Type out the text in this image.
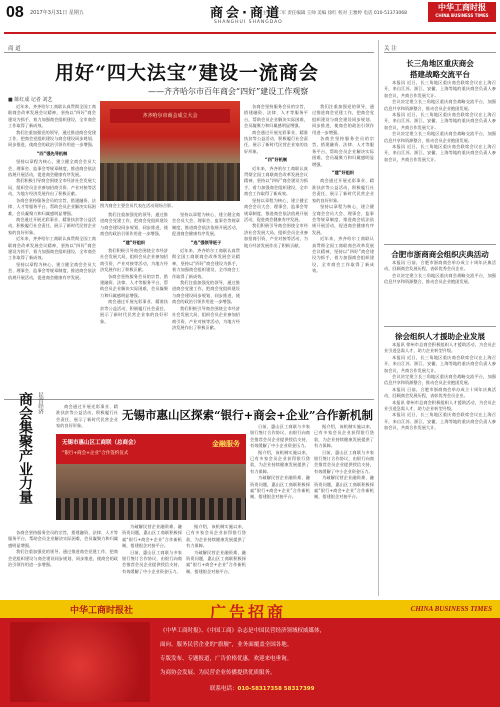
08 2017年3月31日 星期五	商会·商道
SHANGHUI SHANGDAO
主编 冯仁军 责任编辑 王帅 美编 徐红 校对 王雅婷 电话 010-51373068
中华工商时报
CHINA BUSINESS TIMES
商 道
用好“四大法宝”建设一流商会
——齐齐哈尔市百年商会“四好”建设工作观察
■ 陈红成 记者 刘艺

近年来，齐齐哈尔工商联认真贯彻全国工商联商会改革发展会议精神，坚持以“四好”商会建设为抓手，着力加强商会组织建设，全市商会工作取得了新成效。

我们注重加强党的领导，通过推进商会党建工作，把商会党组织建设与商会建设同步规划、同步推进，使商会的政治引领作用进一步增强。

“四”强先导机制

坚持以章程为核心，建立健全商会会员大会、理事会、监事会等规章制度，推进商会依法依规开展活动，促进商会健康有序发展。

我们积极引导商会围绕全市经济社会发展大局，组织会员企业参加招商引资、产业对接等活动，为地方经济发展作出了积极贡献。

各商会坚持服务会员的宗旨，搭建融资、法律、人才等服务平台，帮助会员企业解决实际困难，会员凝聚力和归属感明显增强。

商会通过开展光彩事业、精准扶贫等公益活动，积极履行社会责任，展示了新时代民营企业家的良好形象。

近年来，齐齐哈尔工商联认真贯彻全国工商联商会改革发展会议精神，坚持以“四好”商会建设为抓手，着力加强商会组织建设，全市商会工作取得了新成效。

坚持以章程为核心，建立健全商会会员大会、理事会、监事会等规章制度，推进商会依法依规开展活动，促进商会健康有序发展。

齐齐哈尔市商会成立大会
图为商会主要会员代表在活动现场合影。

我们注重加强党的领导，通过推进商会党建工作，把商会党组织建设与商会建设同步规划、同步推进，使商会的政治引领作用进一步增强。

“建”好组织

我们积极引导商会围绕全市经济社会发展大局，组织会员企业参加招商引资、产业对接等活动，为地方经济发展作出了积极贡献。

各商会坚持服务会员的宗旨，搭建融资、法律、人才等服务平台，帮助会员企业解决实际困难，会员凝聚力和归属感明显增强。

商会通过开展光彩事业、精准扶贫等公益活动，积极履行社会责任，展示了新时代民营企业家的良好形象。

坚持以章程为核心，建立健全商会会员大会、理事会、监事会等规章制度，推进商会依法依规开展活动，促进商会健康有序发展。

“选”强领导班子

近年来，齐齐哈尔工商联认真贯彻全国工商联商会改革发展会议精神，坚持以“四好”商会建设为抓手，着力加强商会组织建设，全市商会工作取得了新成效。

我们注重加强党的领导，通过推进商会党建工作，把商会党组织建设与商会建设同步规划、同步推进，使商会的政治引领作用进一步增强。

我们积极引导商会围绕全市经济社会发展大局，组织会员企业参加招商引资、产业对接等活动，为地方经济发展作出了积极贡献。

各商会坚持服务会员的宗旨，搭建融资、法律、人才等服务平台，帮助会员企业解决实际困难，会员凝聚力和归属感明显增强。

商会通过开展光彩事业、精准扶贫等公益活动，积极履行社会责任，展示了新时代民营企业家的良好形象。

“四”好机制

近年来，齐齐哈尔工商联认真贯彻全国工商联商会改革发展会议精神，坚持以“四好”商会建设为抓手，着力加强商会组织建设，全市商会工作取得了新成效。

坚持以章程为核心，建立健全商会会员大会、理事会、监事会等规章制度，推进商会依法依规开展活动，促进商会健康有序发展。

我们积极引导商会围绕全市经济社会发展大局，组织会员企业参加招商引资、产业对接等活动，为地方经济发展作出了积极贡献。

我们注重加强党的领导，通过推进商会党建工作，把商会党组织建设与商会建设同步规划、同步推进，使商会的政治引领作用进一步增强。

各商会坚持服务会员的宗旨，搭建融资、法律、人才等服务平台，帮助会员企业解决实际困难，会员凝聚力和归属感明显增强。

“建”好组织

商会通过开展光彩事业、精准扶贫等公益活动，积极履行社会责任，展示了新时代民营企业家的良好形象。

坚持以章程为核心，建立健全商会会员大会、理事会、监事会等规章制度，推进商会依法依规开展活动，促进商会健康有序发展。

近年来，齐齐哈尔工商联认真贯彻全国工商联商会改革发展会议精神，坚持以“四好”商会建设为抓手，着力加强商会组织建设，全市商会工作取得了新成效。

商会集聚产业力量 民营经济	商会通过开展光彩事业、精准扶贫等公益活动，积极履行社会责任，展示了新时代民营企业家的良好形象。

各商会坚持服务会员的宗旨，搭建融资、法律、人才等服务平台，帮助会员企业解决实际困难，会员凝聚力和归属感明显增强。

我们注重加强党的领导，通过推进商会党建工作，把商会党组织建设与商会建设同步规划、同步推进，使商会的政治引领作用进一步增强。

无锡市惠山区探索“银行+商会+企业”合作新机制
无锡市惠山区工商联（总商会）
“银行+商会+企业”合作签约仪式
金融服务

为破解民营企业融资难、融资贵问题，惠山区工商联积极探索“银行+商会+企业”合作新机制，搭建银企对接平台。

日前，惠山区工商联与多家银行签订合作协议，由银行向商会推荐会员企业提供授信支持，有效缓解了中小企业资金压力。

据介绍，该机制实施以来，已有多家会员企业获得银行贷款，为企业持续健康发展提供了有力保障。

为破解民营企业融资难、融资贵问题，惠山区工商联积极探索“银行+商会+企业”合作新机制，搭建银企对接平台。

日前，惠山区工商联与多家银行签订合作协议，由银行向商会推荐会员企业提供授信支持，有效缓解了中小企业资金压力。

据介绍，该机制实施以来，已有多家会员企业获得银行贷款，为企业持续健康发展提供了有力保障。

为破解民营企业融资难、融资贵问题，惠山区工商联积极探索“银行+商会+企业”合作新机制，搭建银企对接平台。

据介绍，该机制实施以来，已有多家会员企业获得银行贷款，为企业持续健康发展提供了有力保障。

日前，惠山区工商联与多家银行签订合作协议，由银行向商会推荐会员企业提供授信支持，有效缓解了中小企业资金压力。

为破解民营企业融资难、融资贵问题，惠山区工商联积极探索“银行+商会+企业”合作新机制，搭建银企对接平台。

关 注
长三角地区重庆商会
搭建战略交流平台

本报讯 近日，长三角地区重庆商会联席会议在上海召开，来自江苏、浙江、安徽、上海等地的重庆商会负责人参加会议，共商合作发展大计。

会议决定建立长三角地区重庆商会战略交流平台，加强信息共享和资源整合，推动会员企业抱团发展。

本报讯 近日，长三角地区重庆商会联席会议在上海召开，来自江苏、浙江、安徽、上海等地的重庆商会负责人参加会议，共商合作发展大计。

会议决定建立长三角地区重庆商会战略交流平台，加强信息共享和资源整合，推动会员企业抱团发展。

本报讯 近日，长三角地区重庆商会联席会议在上海召开，来自江苏、浙江、安徽、上海等地的重庆商会负责人参加会议，共商合作发展大计。

合肥市浙商商会组织庆典活动

本报讯 日前，合肥市浙商商会举办成立十周年庆典活动，回顾商会发展历程，表彰优秀会员企业。

会议决定建立长三角地区重庆商会战略交流平台，加强信息共享和资源整合，推动会员企业抱团发展。

徐会组织人才援助企业发展

本报讯 徐州市总商会积极组织人才援助活动，为会员企业引进急需人才，助力企业转型升级。

本报讯 近日，长三角地区重庆商会联席会议在上海召开，来自江苏、浙江、安徽、上海等地的重庆商会负责人参加会议，共商合作发展大计。

会议决定建立长三角地区重庆商会战略交流平台，加强信息共享和资源整合，推动会员企业抱团发展。

本报讯 日前，合肥市浙商商会举办成立十周年庆典活动，回顾商会发展历程，表彰优秀会员企业。

本报讯 徐州市总商会积极组织人才援助活动，为会员企业引进急需人才，助力企业转型升级。

本报讯 近日，长三角地区重庆商会联席会议在上海召开，来自江苏、浙江、安徽、上海等地的重庆商会负责人参加会议，共商合作发展大计。

中华工商时报社	广告招商	CHINA BUSINESS TIMES
《中华工商时报》、《中国工商》杂志是中国民营经济领域权威媒体，
面向、服务民营企业的“旗舰”，业务面覆盖全国各地。
专版发布、专题报道，广告价格优惠，欢迎来电垂询。
为商协会发展、为民营企业传播提供优质服务。
联系电话：010-58317358 58317399
